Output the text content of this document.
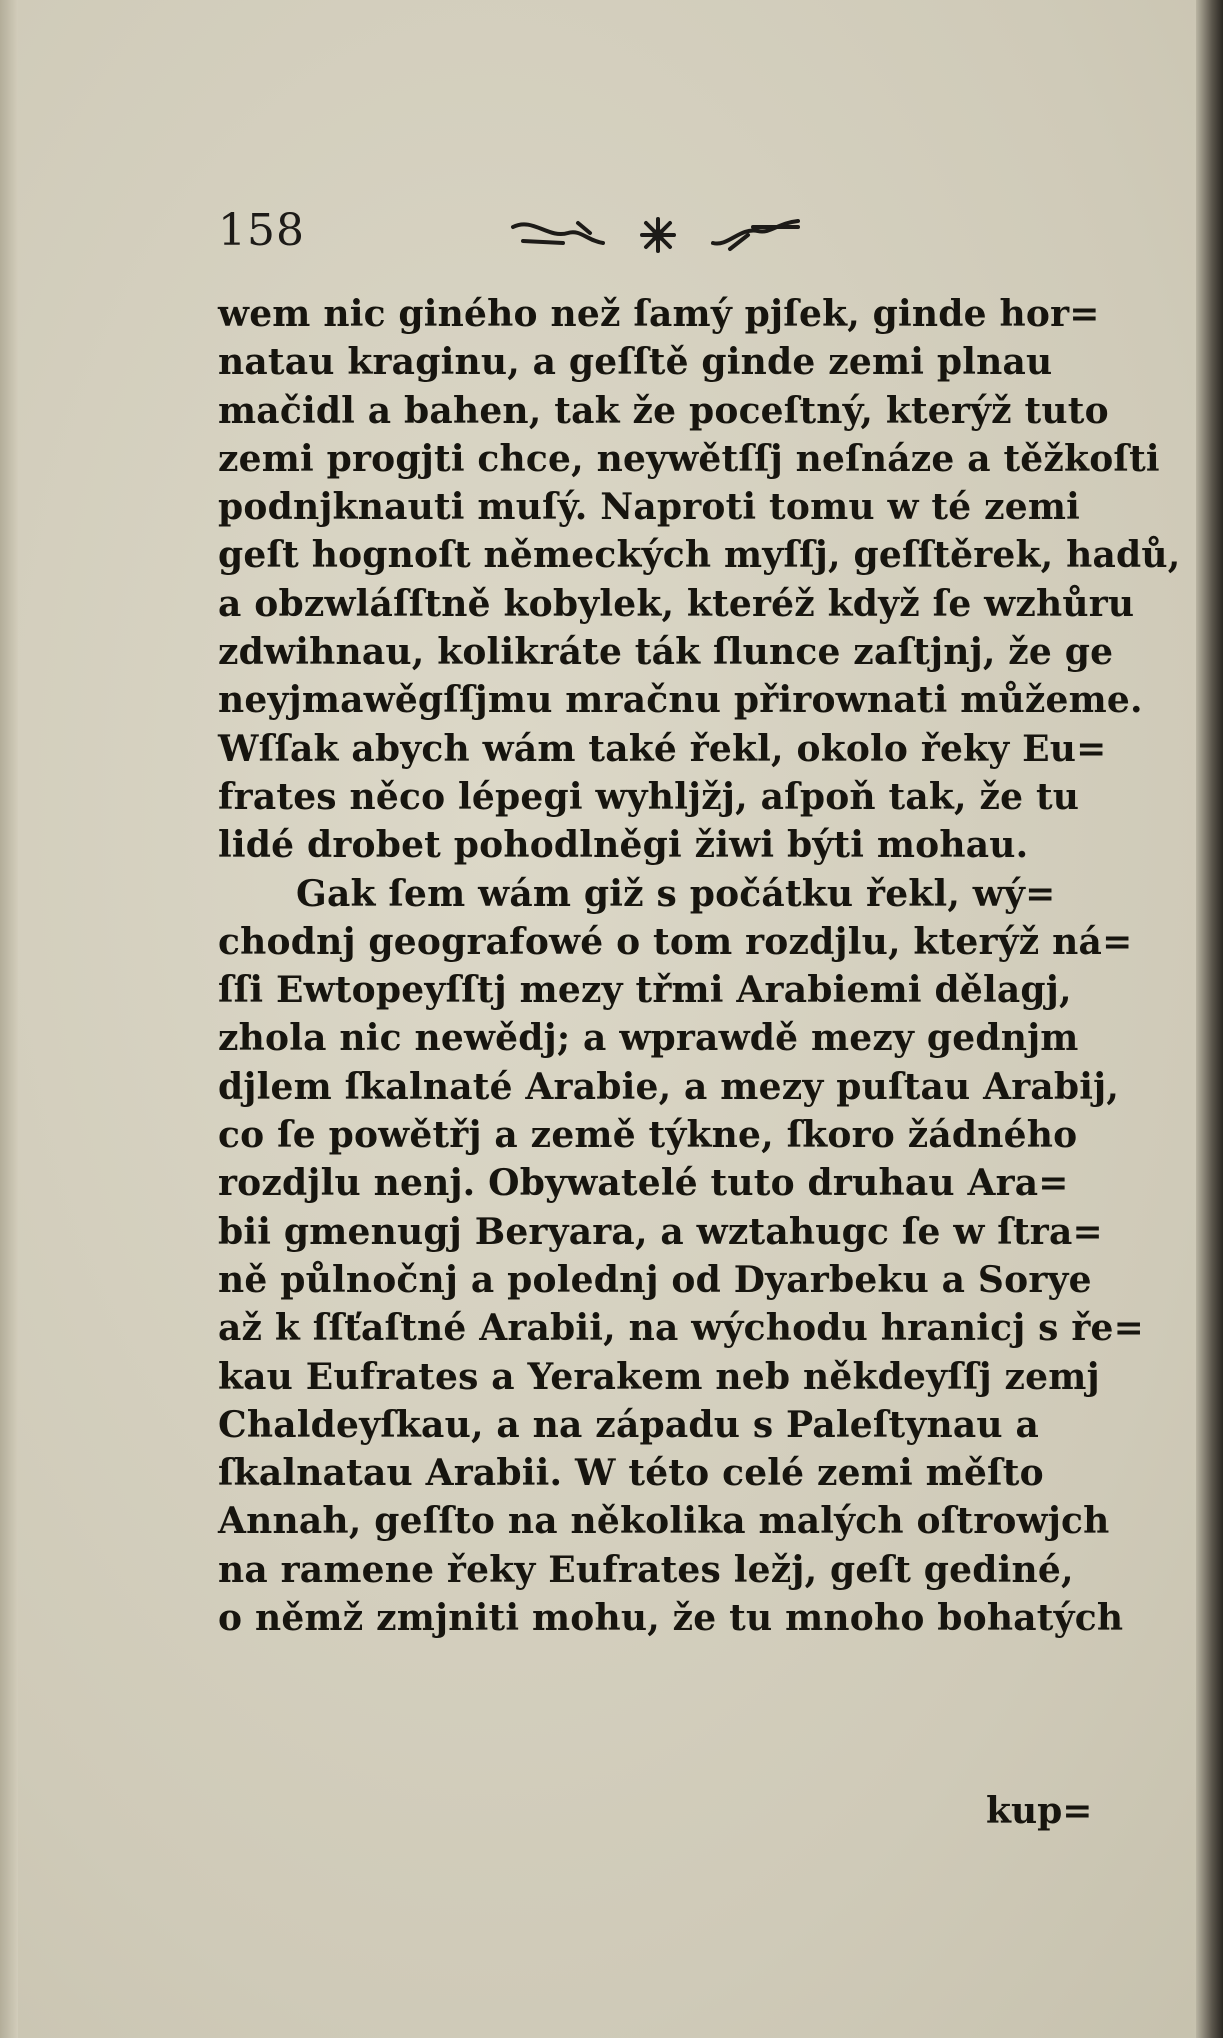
158
wem nic giného než ſamý pjſek, ginde hor=
natau kraginu, a geſſtě ginde zemi plnau
mačidl a bahen, tak že poceſtný, kterýž tuto
zemi progjti chce, neywětſſj neſnáze a těžkoſti
podnjknauti muſý. Naproti tomu w té zemi
geſt hognoſt německých myſſj, geſſtěrek, hadů,
a obzwláſſtně kobylek, kteréž když ſe wzhůru
zdwihnau, kolikráte ták ſlunce zaſtjnj, že ge
neyjmawěgſſjmu mračnu přirownati můžeme.
Wſſak abych wám také řekl, okolo řeky Eu=
frates něco lépegi wyhljžj, aſpoň tak, že tu
lidé drobet pohodlněgi žiwi býti mohau.
Gak ſem wám giž s počátku řekl, wý=
chodnj geografowé o tom rozdjlu, kterýž ná=
ſſi Ewtopeyſſtj mezy třmi Arabiemi dělagj,
zhola nic newědj; a wprawdě mezy gednjm
djlem ſkalnaté Arabie, a mezy puſtau Arabij,
co ſe powětřj a země týkne, ſkoro žádného
rozdjlu nenj. Obywatelé tuto druhau Ara=
bii gmenugj Beryara, a wztahugc ſe w ſtra=
ně půlnočnj a polednj od Dyarbeku a Sorye
až k ſſťaſtné Arabii, na wýchodu hranicj s ře=
kau Eufrates a Yerakem neb někdeyſſj zemj
Chaldeyſkau, a na západu s Paleſtynau a
ſkalnatau Arabii. W této celé zemi měſto
Annah, geſſto na několika malých oſtrowjch
na ramene řeky Eufrates ležj, geſt gediné,
o němž zmjniti mohu, že tu mnoho bohatých
kup=
